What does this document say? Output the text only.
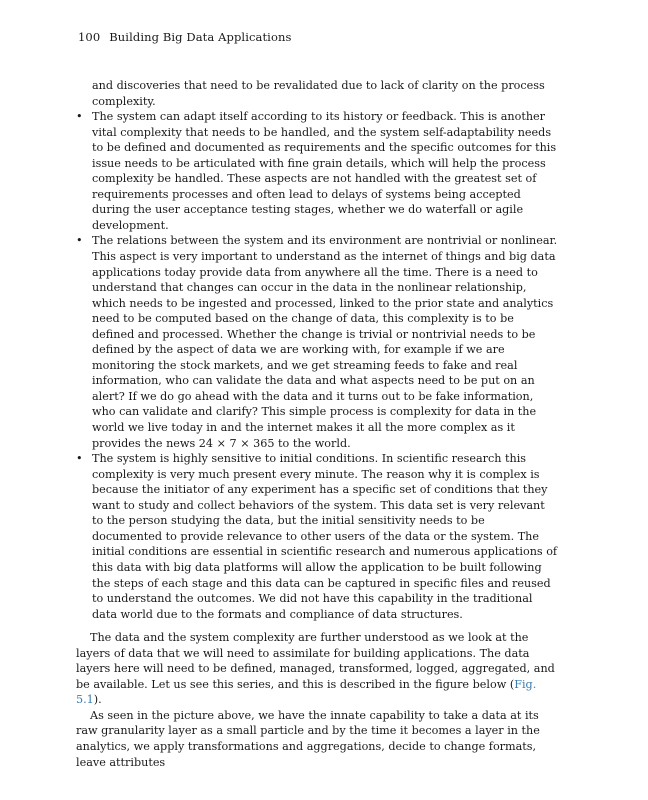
100 Building Big Data Applications

and discoveries that need to be revalidated due to lack of clarity on the process complexity.

• The system can adapt itself according to its history or feedback. This is another vital complexity that needs to be handled, and the system self-adaptability needs to be defined and documented as requirements and the specific outcomes for this issue needs to be articulated with fine grain details, which will help the process complexity be handled. These aspects are not handled with the greatest set of requirements processes and often lead to delays of systems being accepted during the user acceptance testing stages, whether we do waterfall or agile development.
• The relations between the system and its environment are nontrivial or nonlinear. This aspect is very important to understand as the internet of things and big data applications today provide data from anywhere all the time. There is a need to understand that changes can occur in the data in the nonlinear relationship, which needs to be ingested and processed, linked to the prior state and analytics need to be computed based on the change of data, this complexity is to be defined and processed. Whether the change is trivial or nontrivial needs to be defined by the aspect of data we are working with, for example if we are monitoring the stock markets, and we get streaming feeds to fake and real information, who can validate the data and what aspects need to be put on an alert? If we do go ahead with the data and it turns out to be fake information, who can validate and clarify? This simple process is complexity for data in the world we live today in and the internet makes it all the more complex as it provides the news 24 × 7 × 365 to the world.
• The system is highly sensitive to initial conditions. In scientific research this complexity is very much present every minute. The reason why it is complex is because the initiator of any experiment has a specific set of conditions that they want to study and collect behaviors of the system. This data set is very relevant to the person studying the data, but the initial sensitivity needs to be documented to provide relevance to other users of the data or the system. The initial conditions are essential in scientific research and numerous applications of this data with big data platforms will allow the application to be built following the steps of each stage and this data can be captured in specific files and reused to understand the outcomes. We did not have this capability in the traditional data world due to the formats and compliance of data structures.

The data and the system complexity are further understood as we look at the layers of data that we will need to assimilate for building applications. The data layers here will need to be defined, managed, transformed, logged, aggregated, and be available. Let us see this series, and this is described in the figure below (Fig. 5.1).

As seen in the picture above, we have the innate capability to take a data at its raw granularity layer as a small particle and by the time it becomes a layer in the analytics, we apply transformations and aggregations, decide to change formats, leave attributes
